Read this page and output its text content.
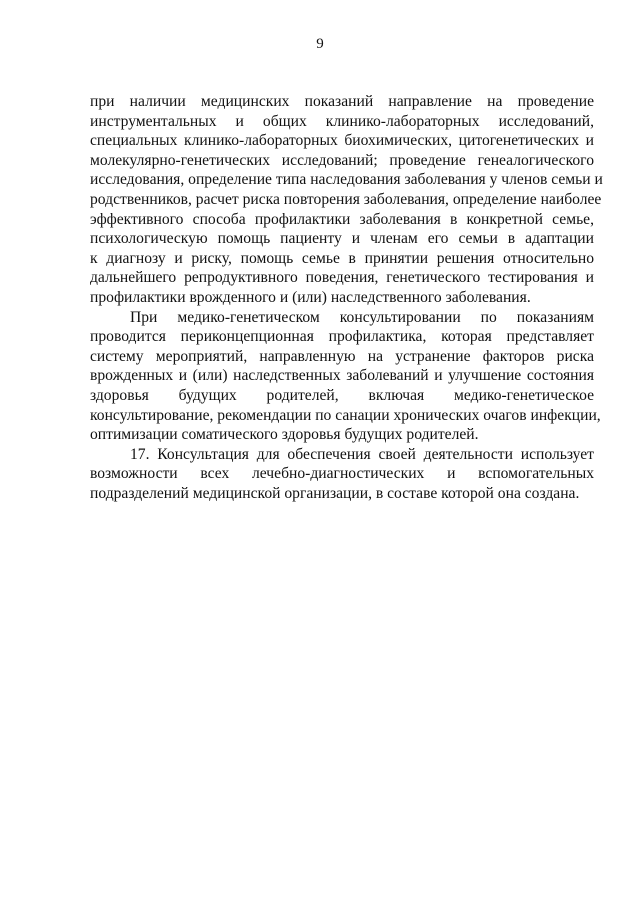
9
при наличии медицинских показаний направление на проведение
инструментальных и общих клинико-лабораторных исследований,
специальных клинико-лабораторных биохимических, цитогенетических и
молекулярно-генетических исследований; проведение генеалогического
исследования, определение типа наследования заболевания у членов семьи и
родственников, расчет риска повторения заболевания, определение наиболее
эффективного способа профилактики заболевания в конкретной семье,
психологическую помощь пациенту и членам его семьи в адаптации
к диагнозу и риску, помощь семье в принятии решения относительно
дальнейшего репродуктивного поведения, генетического тестирования и
профилактики врожденного и (или) наследственного заболевания.
При медико-генетическом консультировании по показаниям
проводится периконцепционная профилактика, которая представляет
систему мероприятий, направленную на устранение факторов риска
врожденных и (или) наследственных заболеваний и улучшение состояния
здоровья будущих родителей, включая медико-генетическое
консультирование, рекомендации по санации хронических очагов инфекции,
оптимизации соматического здоровья будущих родителей.
17. Консультация для обеспечения своей деятельности использует
возможности всех лечебно-диагностических и вспомогательных
подразделений медицинской организации, в составе которой она создана.
